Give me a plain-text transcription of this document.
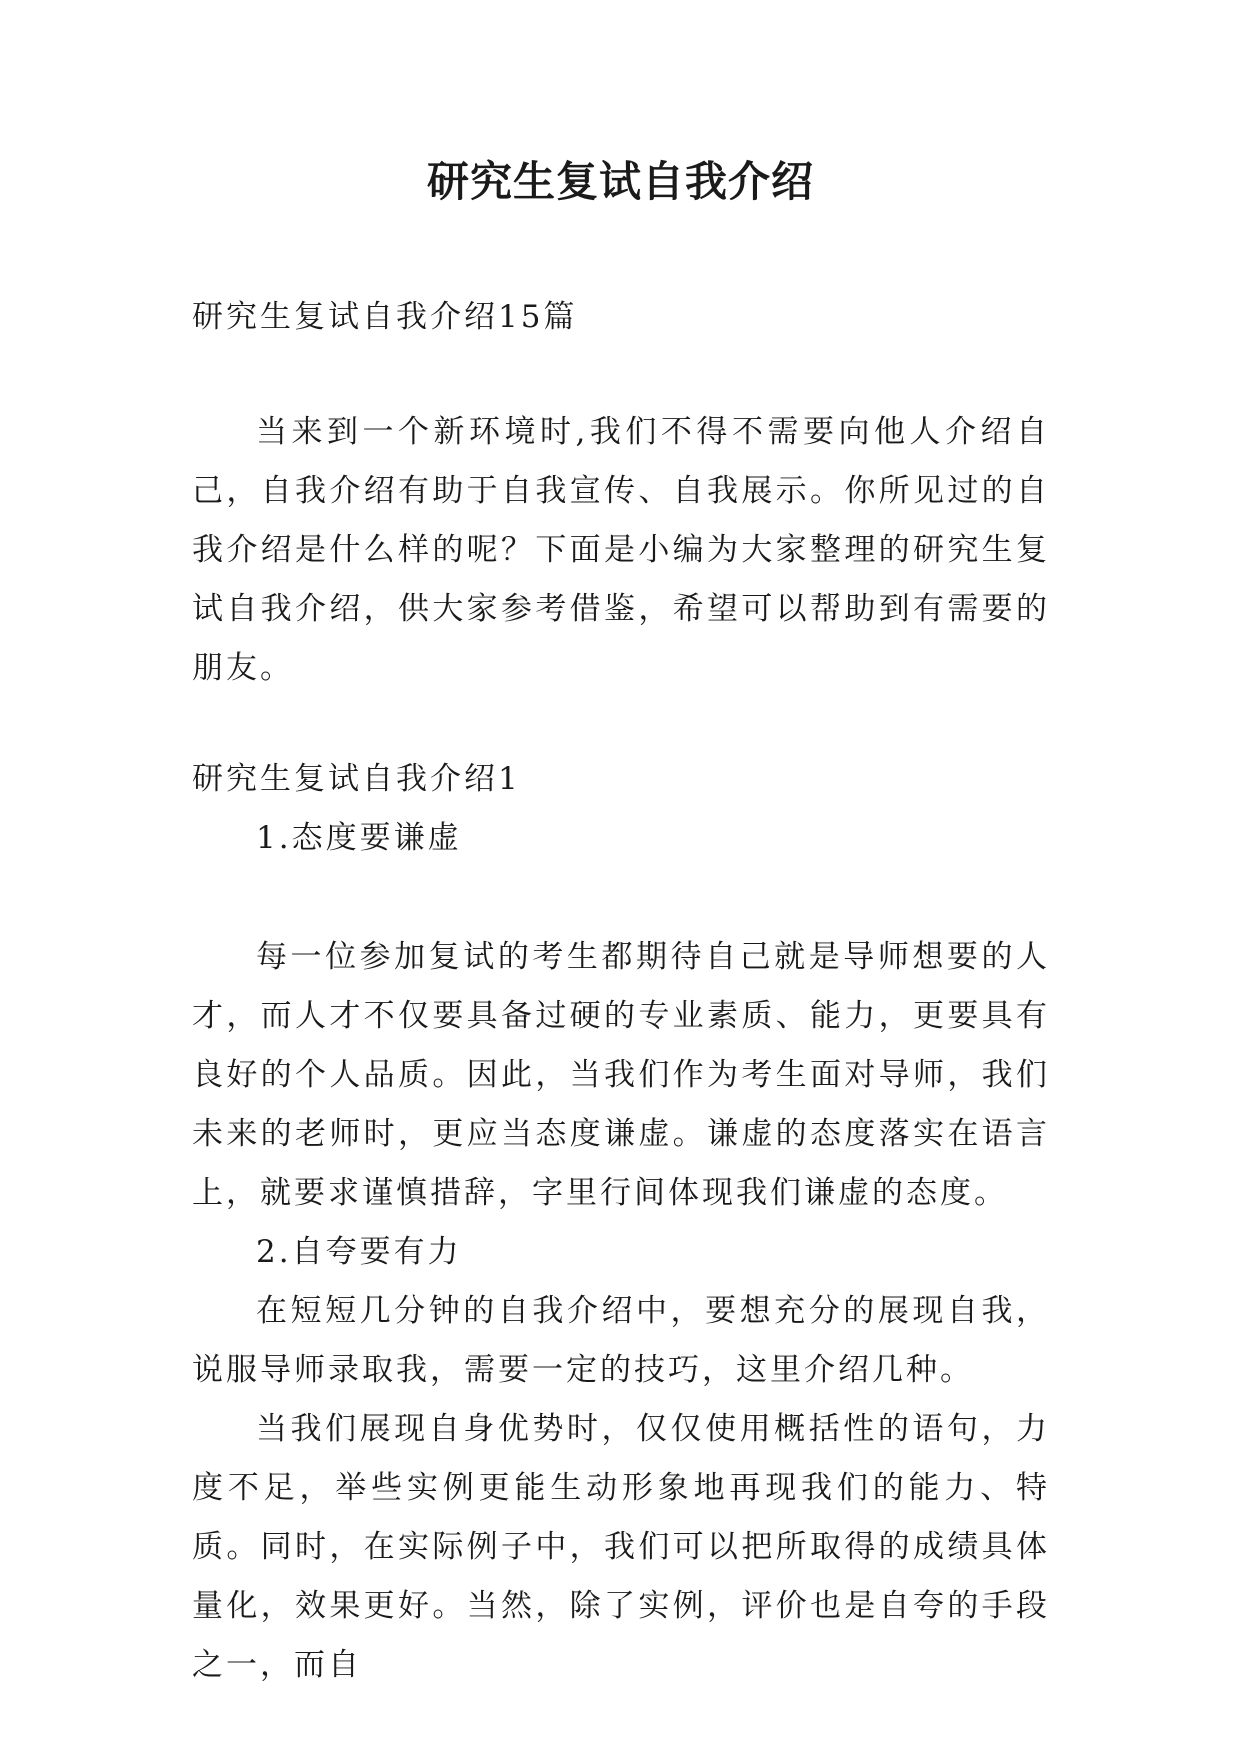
研究生复试自我介绍

研究生复试自我介绍15篇

当来到一个新环境时,我们不得不需要向他人介绍自己，自我介绍有助于自我宣传、自我展示。你所见过的自我介绍是什么样的呢？下面是小编为大家整理的研究生复试自我介绍，供大家参考借鉴，希望可以帮助到有需要的朋友。

研究生复试自我介绍1

1.态度要谦虚

每一位参加复试的考生都期待自己就是导师想要的人才，而人才不仅要具备过硬的专业素质、能力，更要具有良好的个人品质。因此，当我们作为考生面对导师，我们未来的老师时，更应当态度谦虚。谦虚的态度落实在语言上，就要求谨慎措辞，字里行间体现我们谦虚的态度。

2.自夸要有力

在短短几分钟的自我介绍中，要想充分的展现自我，说服导师录取我，需要一定的技巧，这里介绍几种。

当我们展现自身优势时，仅仅使用概括性的语句，力度不足，举些实例更能生动形象地再现我们的能力、特质。同时，在实际例子中，我们可以把所取得的成绩具体量化，效果更好。当然，除了实例，评价也是自夸的手段之一，而自
